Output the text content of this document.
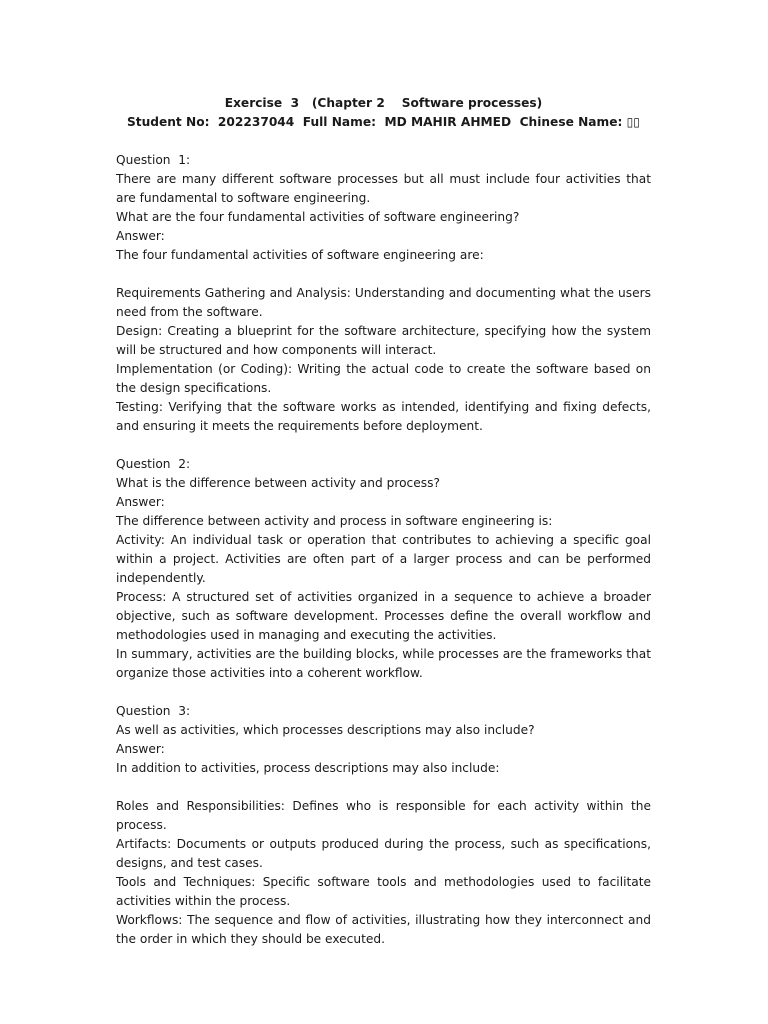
Exercise  3   (Chapter 2    Software processes)
Student No:  202237044  Full Name:  MD MAHIR AHMED  Chinese Name: ▯▯
Question  1:

There are many different software processes but all must include four activities that are fundamental to software engineering.

What are the four fundamental activities of software engineering?

Answer:

The four fundamental activities of software engineering are:

Requirements Gathering and Analysis: Understanding and documenting what the users need from the software.

Design: Creating a blueprint for the software architecture, specifying how the system will be structured and how components will interact.

Implementation (or Coding): Writing the actual code to create the software based on the design specifications.

Testing: Verifying that the software works as intended, identifying and fixing defects, and ensuring it meets the requirements before deployment.

Question  2:

What is the difference between activity and process?

Answer:

The difference between activity and process in software engineering is:

Activity: An individual task or operation that contributes to achieving a specific goal within a project. Activities are often part of a larger process and can be performed independently.

Process: A structured set of activities organized in a sequence to achieve a broader objective, such as software development. Processes define the overall workflow and methodologies used in managing and executing the activities.

In summary, activities are the building blocks, while processes are the frameworks that organize those activities into a coherent workflow.

Question  3:

As well as activities, which processes descriptions may also include?

Answer:

In addition to activities, process descriptions may also include:

Roles and Responsibilities: Defines who is responsible for each activity within the process.

Artifacts: Documents or outputs produced during the process, such as specifications, designs, and test cases.

Tools and Techniques: Specific software tools and methodologies used to facilitate activities within the process.

Workflows: The sequence and flow of activities, illustrating how they interconnect and the order in which they should be executed.
